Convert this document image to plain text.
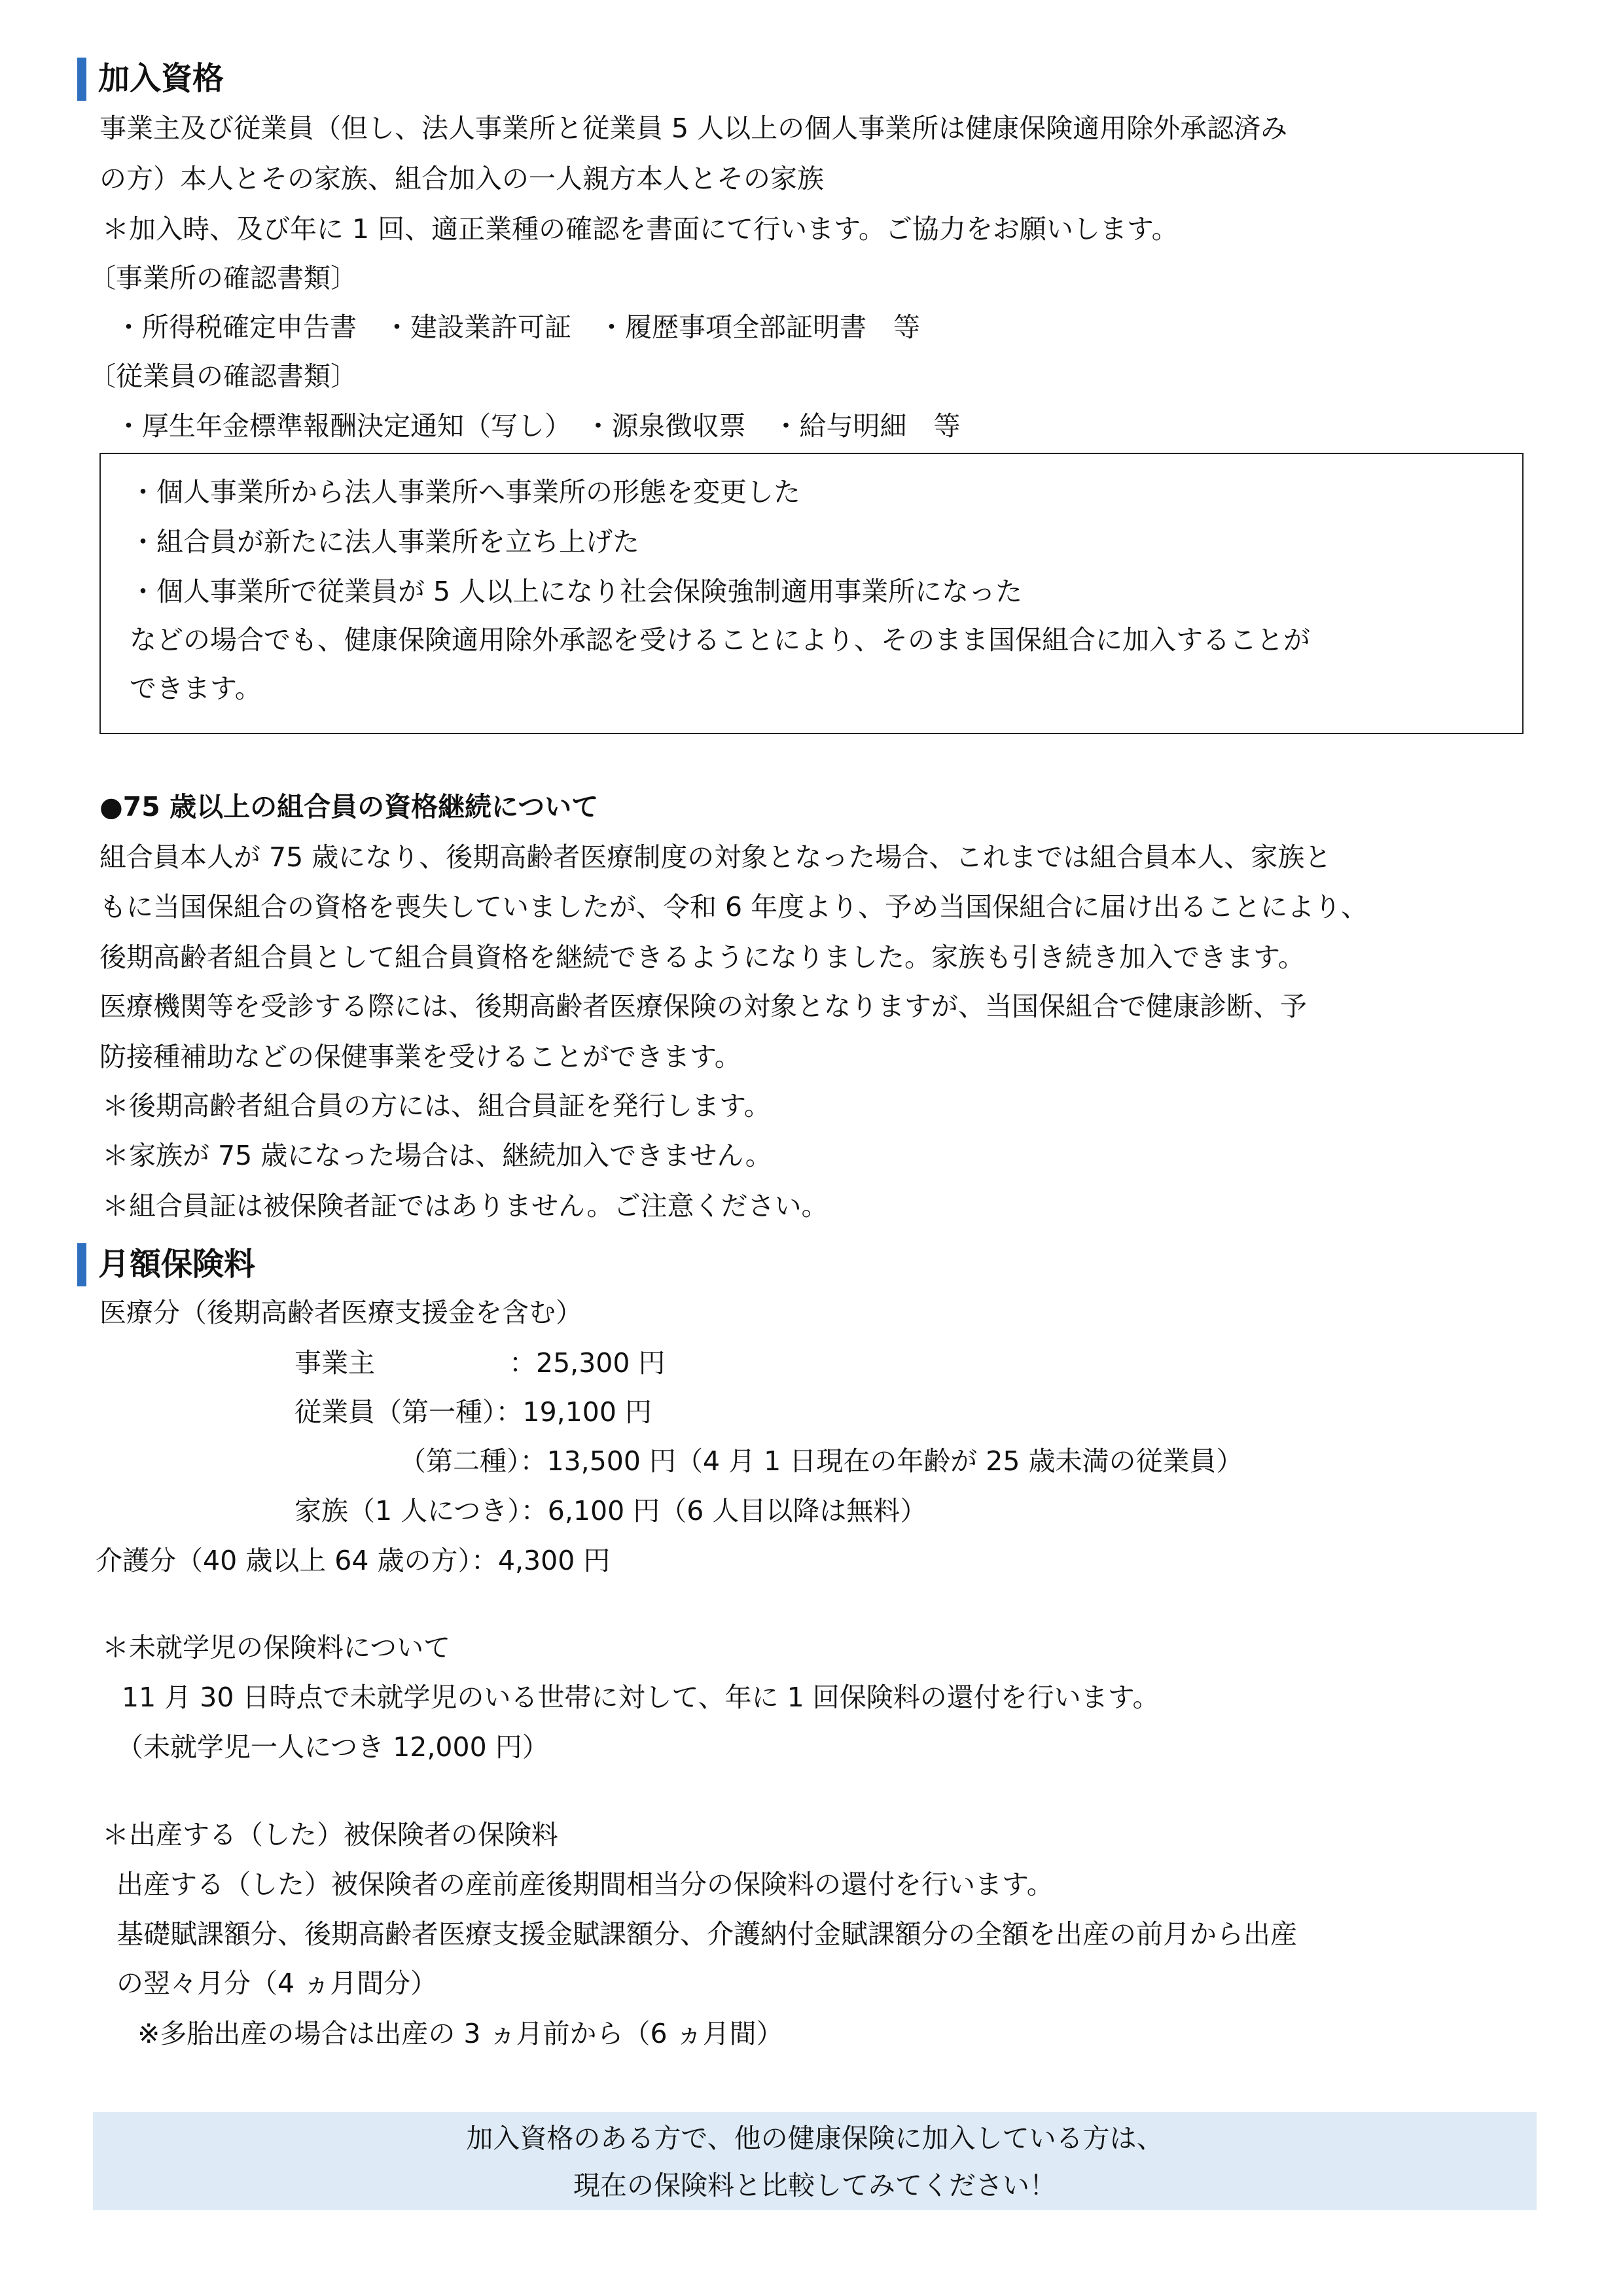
加入資格
事業主及び従業員（但し、法人事業所と従業員 5 人以上の個人事業所は健康保険適用除外承認済み
の方）本人とその家族、組合加入の一人親方本人とその家族
＊加入時、及び年に 1 回、適正業種の確認を書面にて行います。ご協力をお願いします。
〔事業所の確認書類〕
・所得税確定申告書　・建設業許可証　・履歴事項全部証明書　等
〔従業員の確認書類〕
・厚生年金標準報酬決定通知（写し）　・源泉徴収票　・給与明細　等
・個人事業所から法人事業所へ事業所の形態を変更した
・組合員が新たに法人事業所を立ち上げた
・個人事業所で従業員が 5 人以上になり社会保険強制適用事業所になった
などの場合でも、健康保険適用除外承認を受けることにより、そのまま国保組合に加入することが
できます。
●75 歳以上の組合員の資格継続について
組合員本人が 75 歳になり、後期高齢者医療制度の対象となった場合、これまでは組合員本人、家族と
もに当国保組合の資格を喪失していましたが、令和 6 年度より、予め当国保組合に届け出ることにより、
後期高齢者組合員として組合員資格を継続できるようになりました。家族も引き続き加入できます。
医療機関等を受診する際には、後期高齢者医療保険の対象となりますが、当国保組合で健康診断、予
防接種補助などの保健事業を受けることができます。
＊後期高齢者組合員の方には、組合員証を発行します。
＊家族が 75 歳になった場合は、継続加入できません。
＊組合員証は被保険者証ではありません。ご注意ください。
月額保険料
医療分（後期高齢者医療支援金を含む）
事業主　　　　　：25,300 円
従業員（第一種）：19,100 円
（第二種）：13,500 円（4 月 1 日現在の年齢が 25 歳未満の従業員）
家族（1 人につき）：6,100 円（6 人目以降は無料）
介護分（40 歳以上 64 歳の方）：4,300 円
＊未就学児の保険料について
11 月 30 日時点で未就学児のいる世帯に対して、年に 1 回保険料の還付を行います。
（未就学児一人につき 12,000 円）
＊出産する（した）被保険者の保険料
出産する（した）被保険者の産前産後期間相当分の保険料の還付を行います。
基礎賦課額分、後期高齢者医療支援金賦課額分、介護納付金賦課額分の全額を出産の前月から出産
の翌々月分（4 ヵ月間分）
※多胎出産の場合は出産の 3 ヵ月前から（6 ヵ月間）
加入資格のある方で、他の健康保険に加入している方は、
現在の保険料と比較してみてください！
